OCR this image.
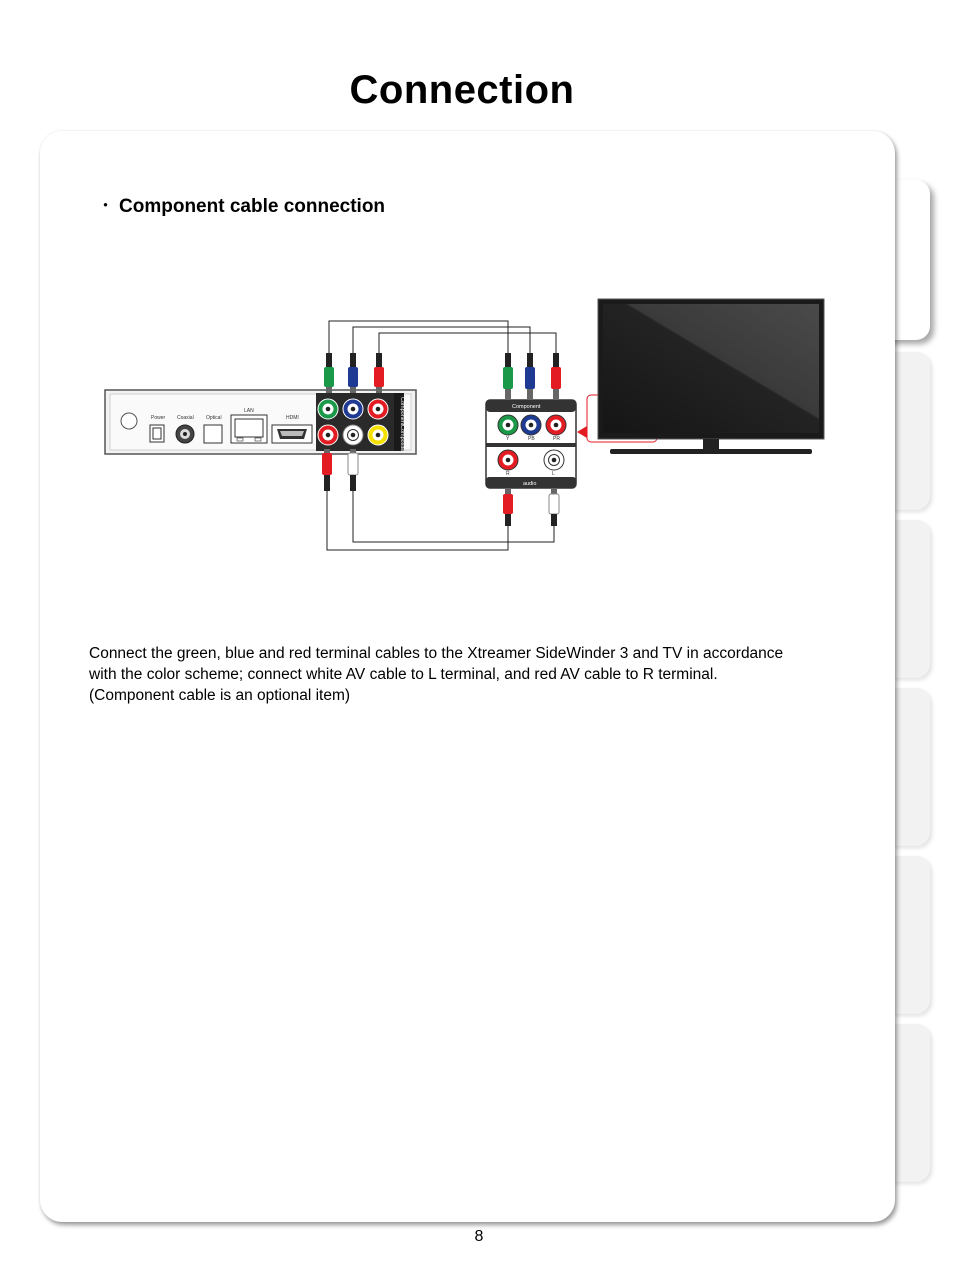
Connection
・ Component cable connection
Power Coaxial Optical
LAN
HDMI	Component
Composite
Component
audio
Y	PB	PR
R	L
Connect the green, blue and red terminal cables to the Xtreamer SideWinder 3 and TV in accordance with the color scheme; connect white AV cable to L terminal, and red AV cable to R terminal. (Component cable is an optional item)
8
